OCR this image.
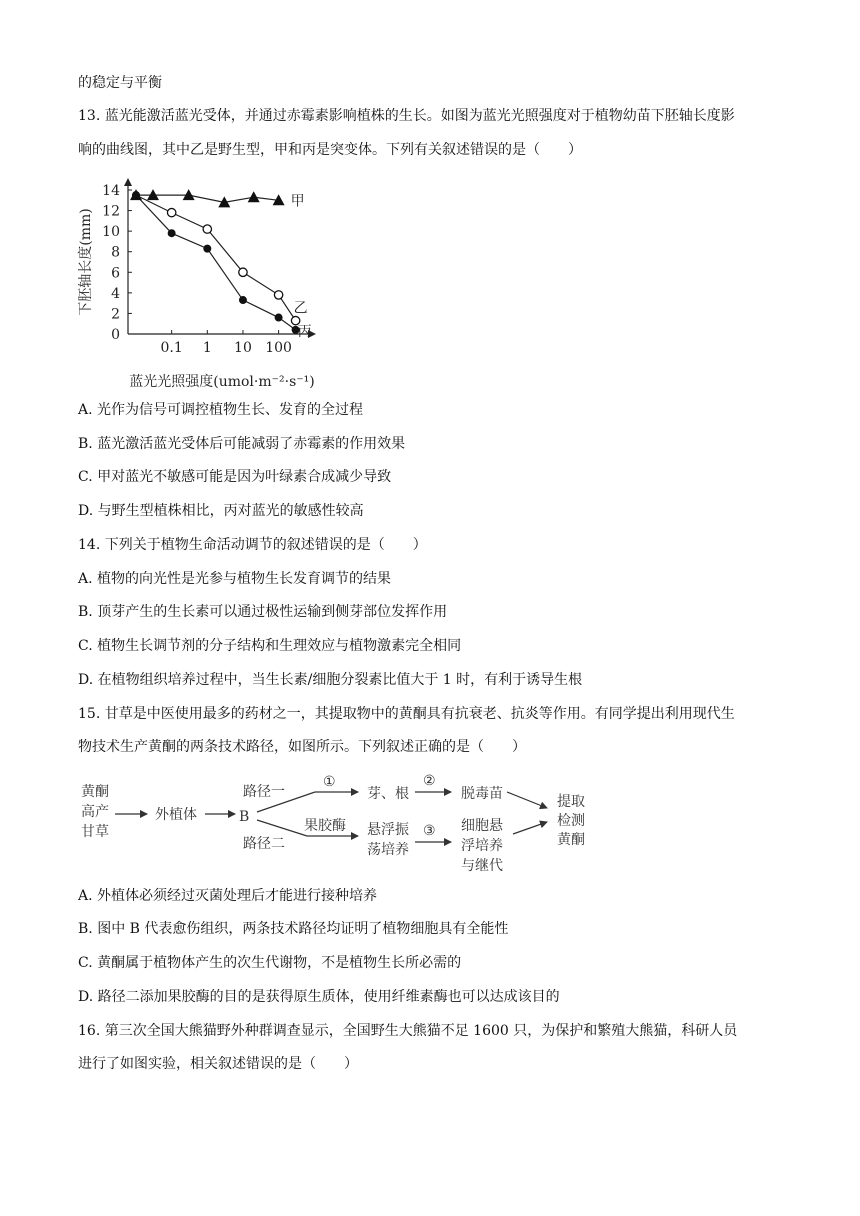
的稳定与平衡
13. 蓝光能激活蓝光受体，并通过赤霉素影响植株的生长。如图为蓝光光照强度对于植物幼苗下胚轴长度影
响的曲线图，其中乙是野生型，甲和丙是突变体。下列有关叙述错误的是（　　）
0
2
4
6
8
10
12
14
0.1 1 10 100
蓝光光照强度(umol·m⁻²·s⁻¹)
下胚轴长度(mm)
甲
乙
丙
A. 光作为信号可调控植物生长、发育的全过程
B. 蓝光激活蓝光受体后可能减弱了赤霉素的作用效果
C. 甲对蓝光不敏感可能是因为叶绿素合成减少导致
D. 与野生型植株相比，丙对蓝光的敏感性较高
14. 下列关于植物生命活动调节的叙述错误的是（　　）
A. 植物的向光性是光参与植物生长发育调节的结果
B. 顶芽产生的生长素可以通过极性运输到侧芽部位发挥作用
C. 植物生长调节剂的分子结构和生理效应与植物激素完全相同
D. 在植物组织培养过程中，当生长素/细胞分裂素比值大于 1 时，有利于诱导生根
15. 甘草是中医使用最多的药材之一，其提取物中的黄酮具有抗衰老、抗炎等作用。有同学提出利用现代生
物技术生产黄酮的两条技术路径，如图所示。下列叙述正确的是（　　）
黄酮
高产
甘草
外植体	B
路径一
①
芽、根
②
脱毒苗
路径二
果胶酶 悬浮振
荡培养
③ 细胞悬
浮培养
与继代
提取
检测
黄酮
A. 外植体必须经过灭菌处理后才能进行接种培养
B. 图中 B 代表愈伤组织，两条技术路径均证明了植物细胞具有全能性
C. 黄酮属于植物体产生的次生代谢物，不是植物生长所必需的
D. 路径二添加果胶酶的目的是获得原生质体，使用纤维素酶也可以达成该目的
16. 第三次全国大熊猫野外种群调查显示，全国野生大熊猫不足 1600 只，为保护和繁殖大熊猫，科研人员
进行了如图实验，相关叙述错误的是（　　）
